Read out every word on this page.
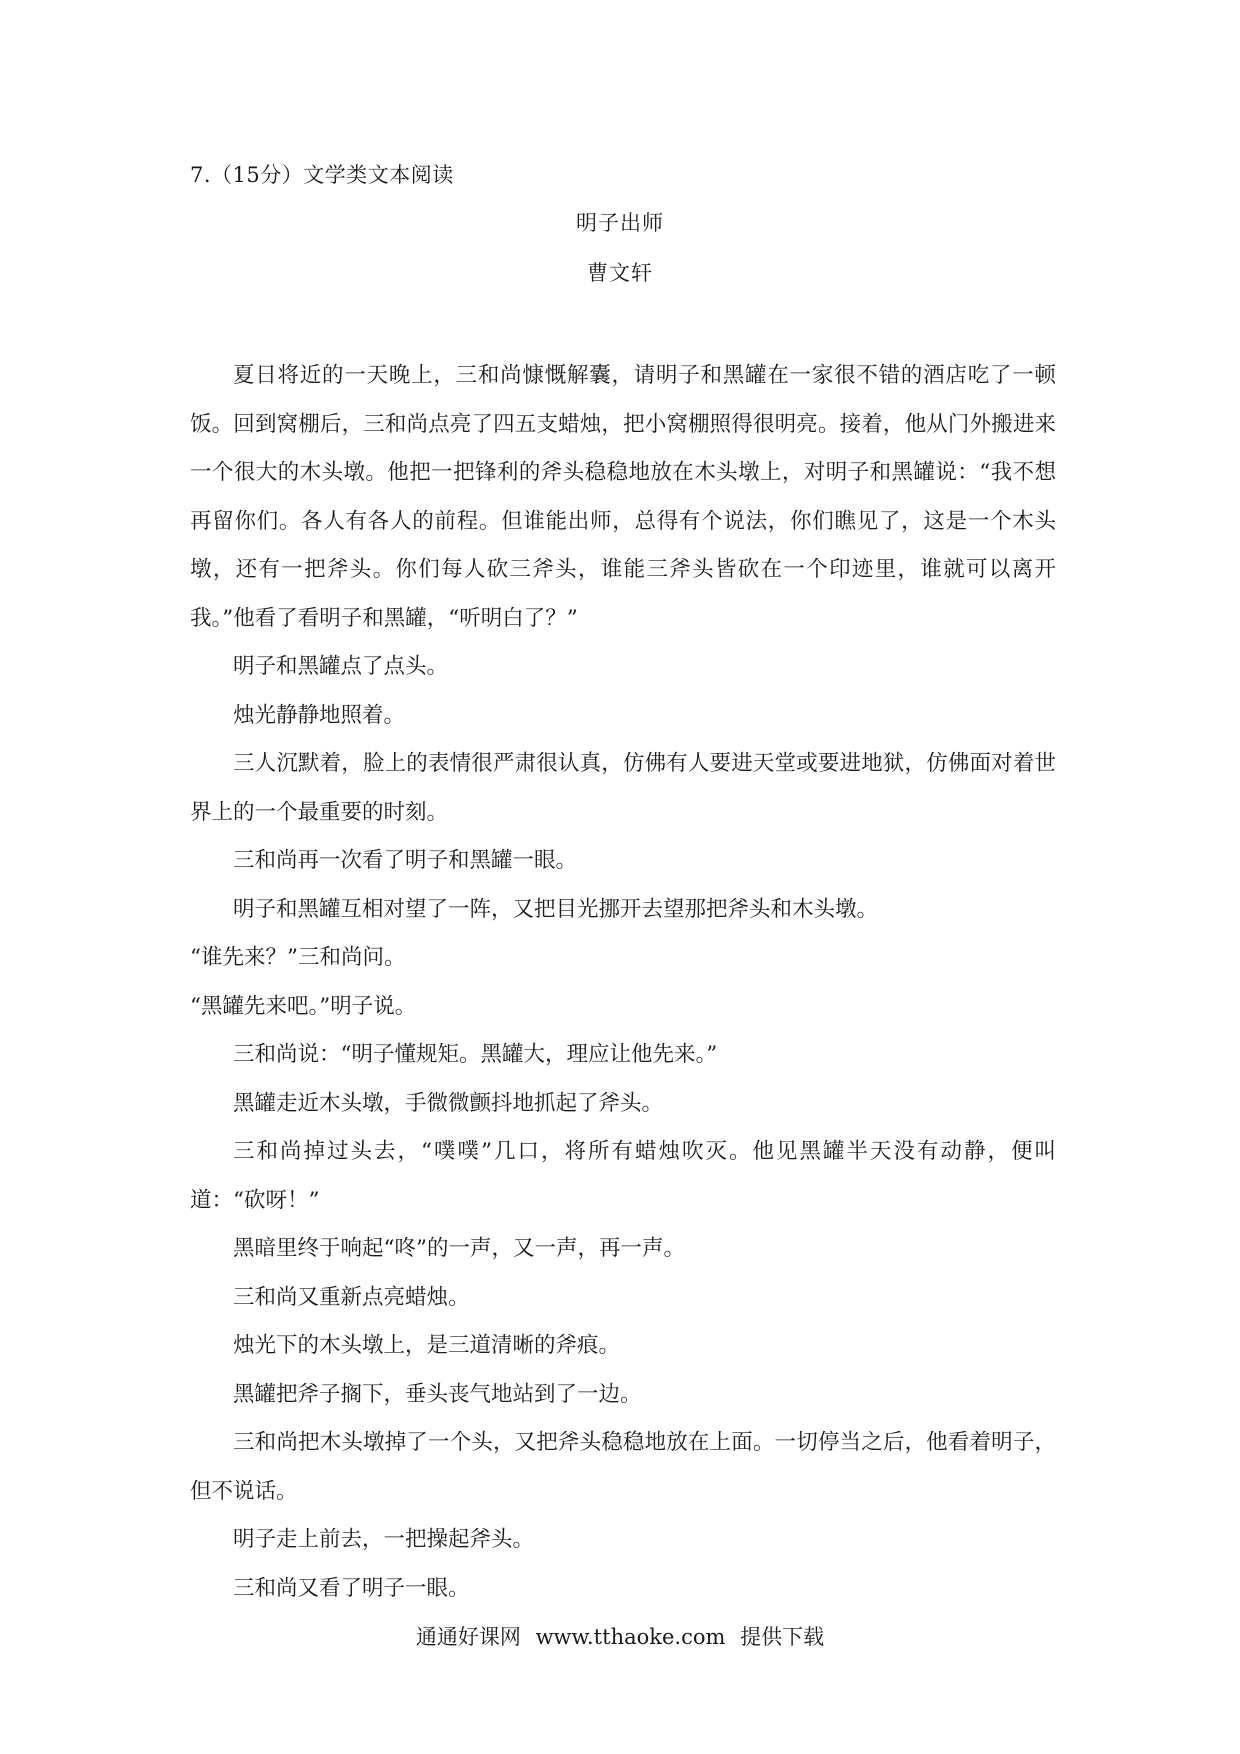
7.（15分）文学类文本阅读
明子出师
曹文轩

夏日将近的一天晚上，三和尚慷慨解囊，请明子和黑罐在一家很不错的酒店吃了一顿饭。回到窝棚后，三和尚点亮了四五支蜡烛，把小窝棚照得很明亮。接着，他从门外搬进来一个很大的木头墩。他把一把锋利的斧头稳稳地放在木头墩上，对明子和黑罐说：“我不想再留你们。各人有各人的前程。但谁能出师，总得有个说法，你们瞧见了，这是一个木头墩，还有一把斧头。你们每人砍三斧头，谁能三斧头皆砍在一个印迹里，谁就可以离开我。”他看了看明子和黑罐，“听明白了？”

明子和黑罐点了点头。

烛光静静地照着。

三人沉默着，脸上的表情很严肃很认真，仿佛有人要进天堂或要进地狱，仿佛面对着世界上的一个最重要的时刻。

三和尚再一次看了明子和黑罐一眼。

明子和黑罐互相对望了一阵，又把目光挪开去望那把斧头和木头墩。

“谁先来？”三和尚问。

“黑罐先来吧。”明子说。

三和尚说：“明子懂规矩。黑罐大，理应让他先来。”

黑罐走近木头墩，手微微颤抖地抓起了斧头。

三和尚掉过头去，“噗噗”几口，将所有蜡烛吹灭。他见黑罐半天没有动静，便叫道：“砍呀！”

黑暗里终于响起“咚”的一声，又一声，再一声。

三和尚又重新点亮蜡烛。

烛光下的木头墩上，是三道清晰的斧痕。

黑罐把斧子搁下，垂头丧气地站到了一边。

三和尚把木头墩掉了一个头，又把斧头稳稳地放在上面。一切停当之后，他看着明子，但不说话。

明子走上前去，一把操起斧头。

三和尚又看了明子一眼。

通通好课网 www.tthaoke.com 提供下载
